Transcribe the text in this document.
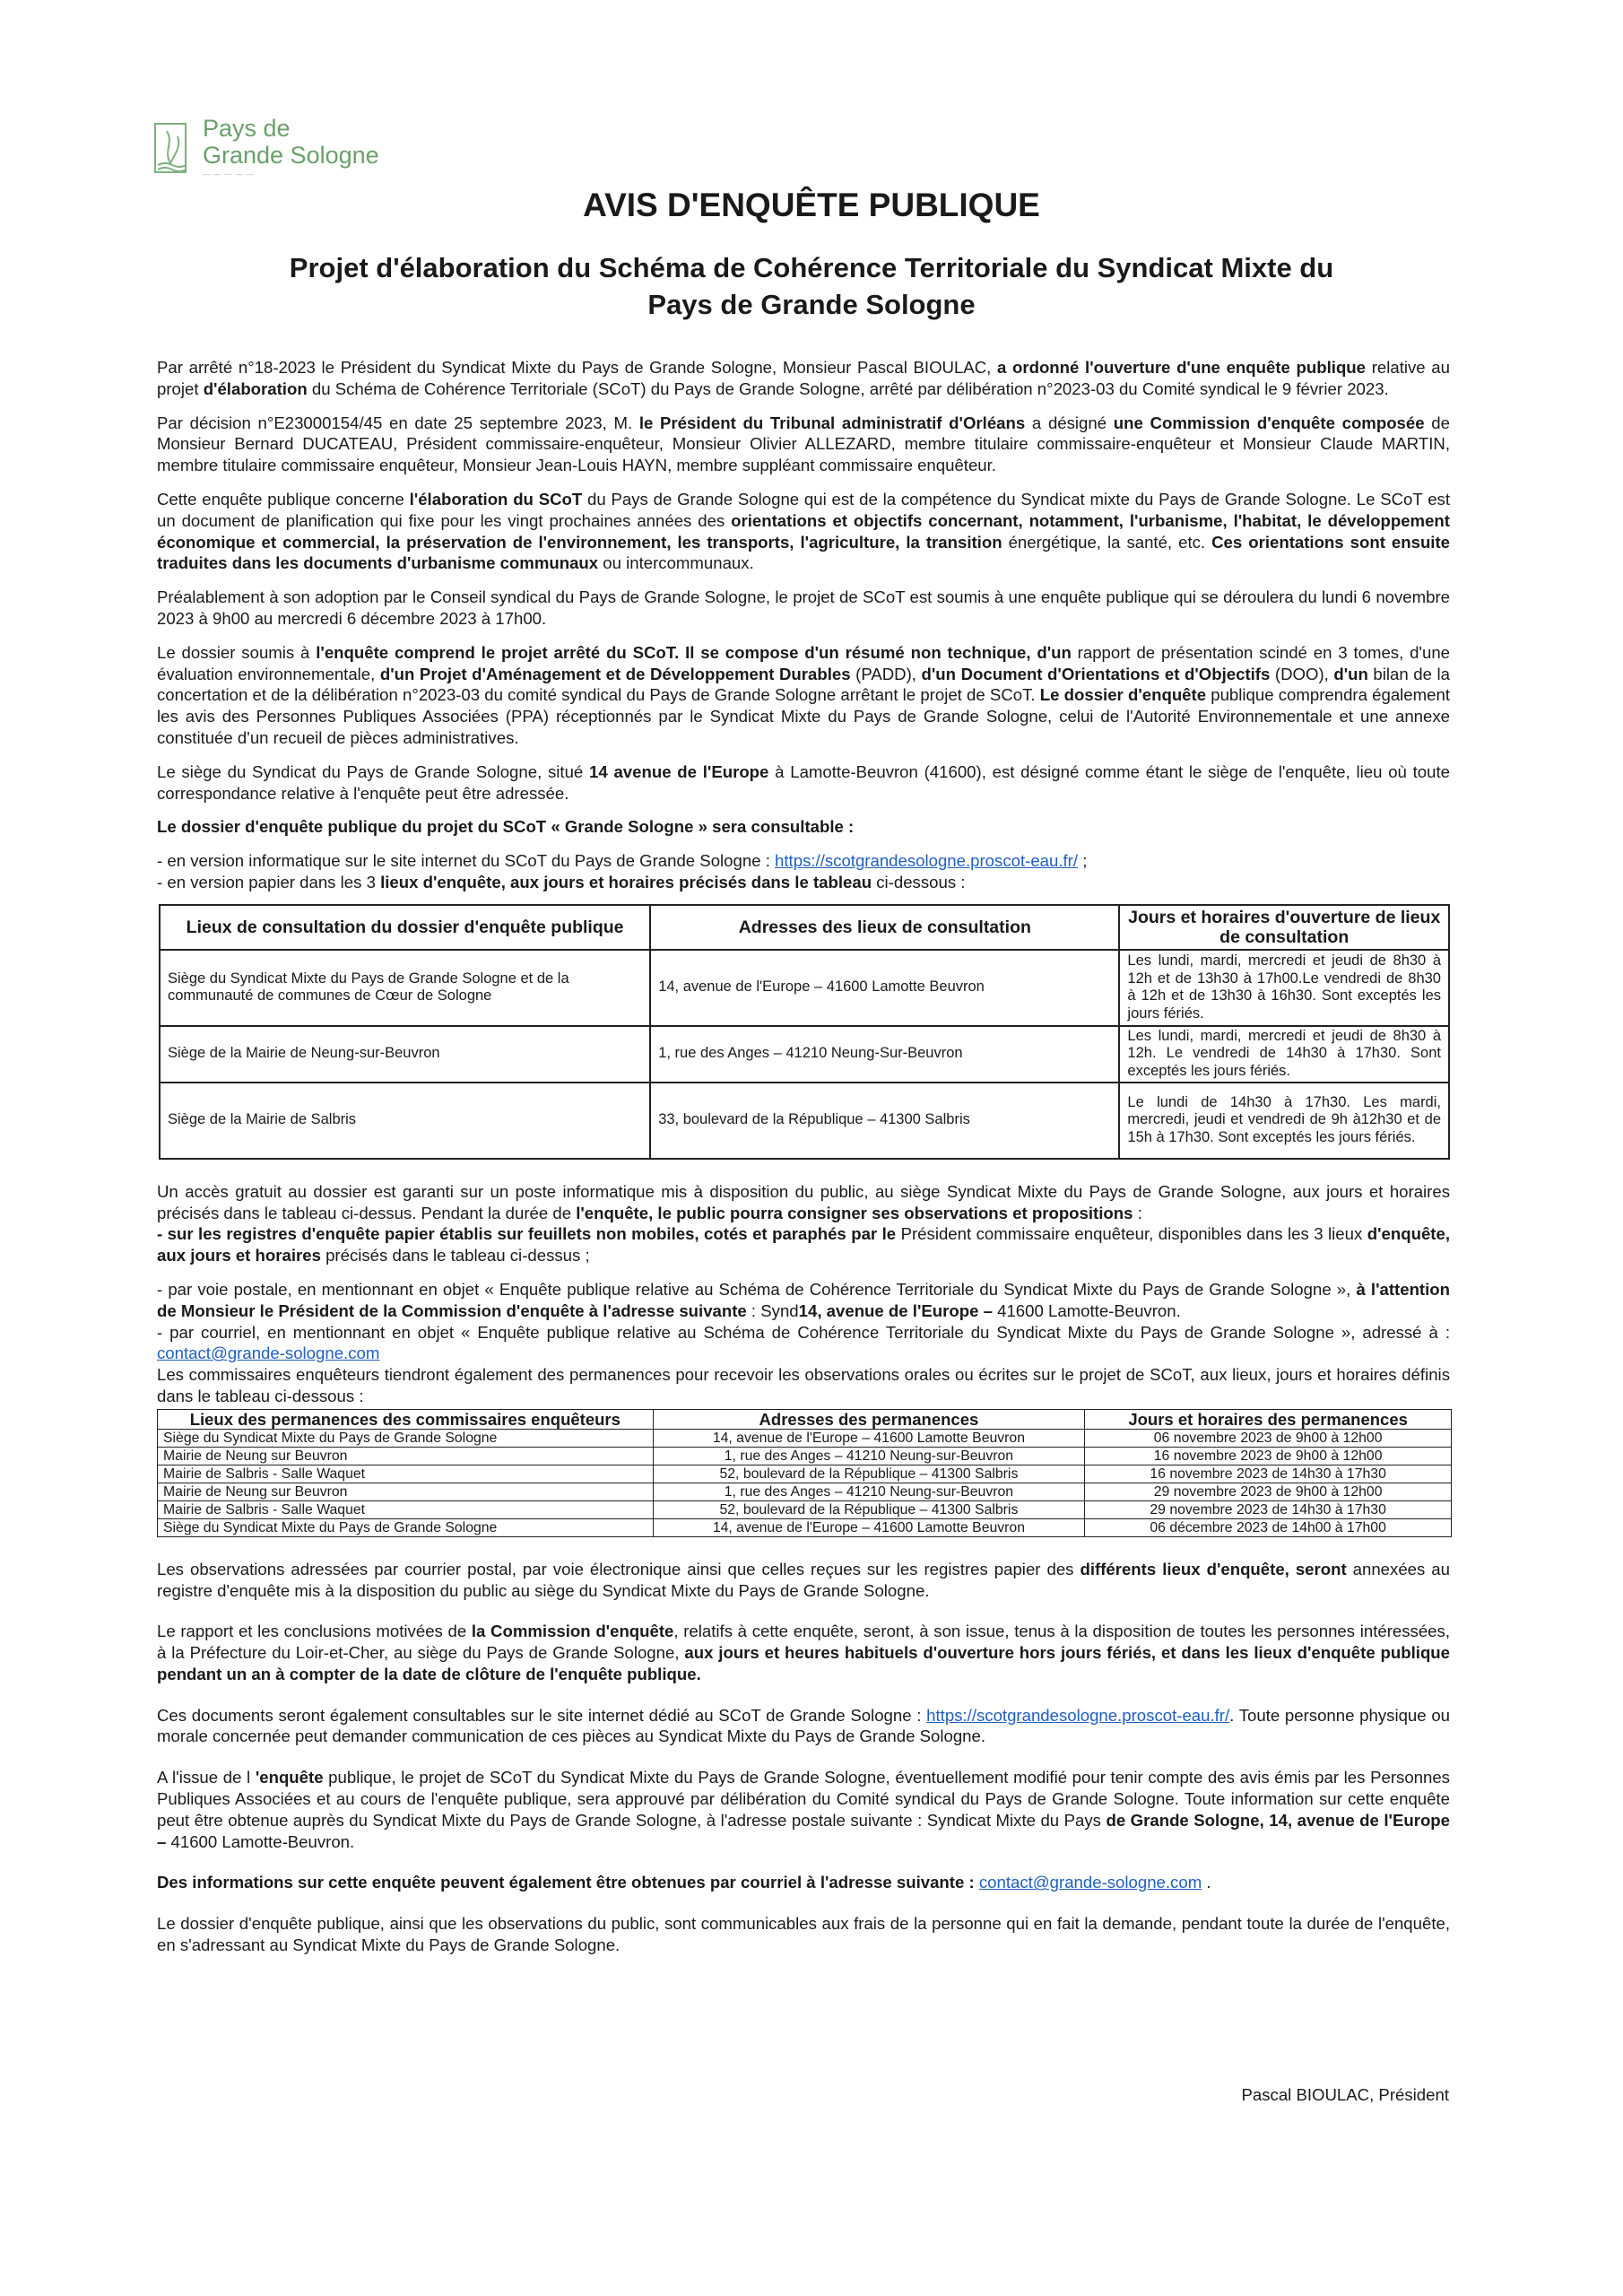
Pays de
Grande Sologne
— — — — —
AVIS D'ENQUÊTE PUBLIQUE
Projet d'élaboration du Schéma de Cohérence Territoriale du Syndicat Mixte du Pays de Grande Sologne

Par arrêté n°18-2023 le Président du Syndicat Mixte du Pays de Grande Sologne, Monsieur Pascal BIOULAC, a ordonné l'ouverture d'une enquête publique relative au projet d'élaboration du Schéma de Cohérence Territoriale (SCoT) du Pays de Grande Sologne, arrêté par délibération n°2023-03 du Comité syndical le 9 février 2023.

Par décision n°E23000154/45 en date 25 septembre 2023, M. le Président du Tribunal administratif d'Orléans a désigné une Commission d'enquête composée de Monsieur Bernard DUCATEAU, Président commissaire-enquêteur, Monsieur Olivier ALLEZARD, membre titulaire commissaire-enquêteur et Monsieur Claude MARTIN, membre titulaire commissaire enquêteur, Monsieur Jean-Louis HAYN, membre suppléant commissaire enquêteur.

Cette enquête publique concerne l'élaboration du SCoT du Pays de Grande Sologne qui est de la compétence du Syndicat mixte du Pays de Grande Sologne. Le SCoT est un document de planification qui fixe pour les vingt prochaines années des orientations et objectifs concernant, notamment, l'urbanisme, l'habitat, le développement économique et commercial, la préservation de l'environnement, les transports, l'agriculture, la transition énergétique, la santé, etc. Ces orientations sont ensuite traduites dans les documents d'urbanisme communaux ou intercommunaux.

Préalablement à son adoption par le Conseil syndical du Pays de Grande Sologne, le projet de SCoT est soumis à une enquête publique qui se déroulera du lundi 6 novembre 2023 à 9h00 au mercredi 6 décembre 2023 à 17h00.

Le dossier soumis à l'enquête comprend le projet arrêté du SCoT. Il se compose d'un résumé non technique, d'un rapport de présentation scindé en 3 tomes, d'une évaluation environnementale, d'un Projet d'Aménagement et de Développement Durables (PADD), d'un Document d'Orientations et d'Objectifs (DOO), d'un bilan de la concertation et de la délibération n°2023-03 du comité syndical du Pays de Grande Sologne arrêtant le projet de SCoT. Le dossier d'enquête publique comprendra également les avis des Personnes Publiques Associées (PPA) réceptionnés par le Syndicat Mixte du Pays de Grande Sologne, celui de l'Autorité Environnementale et une annexe constituée d'un recueil de pièces administratives.

Le siège du Syndicat du Pays de Grande Sologne, situé 14 avenue de l'Europe à Lamotte-Beuvron (41600), est désigné comme étant le siège de l'enquête, lieu où toute correspondance relative à l'enquête peut être adressée.

Le dossier d'enquête publique du projet du SCoT « Grande Sologne » sera consultable :

- en version informatique sur le site internet du SCoT du Pays de Grande Sologne : https://scotgrandesologne.proscot-eau.fr/ ;

- en version papier dans les 3 lieux d'enquête, aux jours et horaires précisés dans le tableau ci-dessous :

Lieux de consultation du dossier d'enquête publique	Adresses des lieux de consultation	Jours et horaires d'ouverture de lieux de consultation
Siège du Syndicat Mixte du Pays de Grande Sologne et de la communauté de communes de Cœur de Sologne	14, avenue de l'Europe – 41600 Lamotte Beuvron	Les lundi, mardi, mercredi et jeudi de 8h30 à 12h et de 13h30 à 17h00.Le vendredi de 8h30 à 12h et de 13h30 à 16h30. Sont exceptés les jours fériés.
Siège de la Mairie de Neung-sur-Beuvron	1, rue des Anges – 41210 Neung-Sur-Beuvron	Les lundi, mardi, mercredi et jeudi de 8h30 à 12h. Le vendredi de 14h30 à 17h30. Sont exceptés les jours fériés.
Siège de la Mairie de Salbris	33, boulevard de la République – 41300 Salbris	Le lundi de 14h30 à 17h30. Les mardi, mercredi, jeudi et vendredi de 9h à12h30 et de 15h à 17h30. Sont exceptés les jours fériés.

Un accès gratuit au dossier est garanti sur un poste informatique mis à disposition du public, au siège Syndicat Mixte du Pays de Grande Sologne, aux jours et horaires précisés dans le tableau ci-dessus. Pendant la durée de l'enquête, le public pourra consigner ses observations et propositions :

- sur les registres d'enquête papier établis sur feuillets non mobiles, cotés et paraphés par le Président commissaire enquêteur, disponibles dans les 3 lieux d'enquête, aux jours et horaires précisés dans le tableau ci-dessus ;

- par voie postale, en mentionnant en objet « Enquête publique relative au Schéma de Cohérence Territoriale du Syndicat Mixte du Pays de Grande Sologne », à l'attention de Monsieur le Président de la Commission d'enquête à l'adresse suivante : Synd14, avenue de l'Europe – 41600 Lamotte-Beuvron.

- par courriel, en mentionnant en objet « Enquête publique relative au Schéma de Cohérence Territoriale du Syndicat Mixte du Pays de Grande Sologne », adressé à : contact@grande-sologne.com

Les commissaires enquêteurs tiendront également des permanences pour recevoir les observations orales ou écrites sur le projet de SCoT, aux lieux, jours et horaires définis dans le tableau ci-dessous :

Lieux des permanences des commissaires enquêteurs	Adresses des permanences	Jours et horaires des permanences
Siège du Syndicat Mixte du Pays de Grande Sologne	14, avenue de l'Europe – 41600 Lamotte Beuvron	06 novembre 2023 de 9h00 à 12h00
Mairie de Neung sur Beuvron	1, rue des Anges – 41210 Neung-sur-Beuvron	16 novembre 2023 de 9h00 à 12h00
Mairie de Salbris - Salle Waquet	52, boulevard de la République – 41300 Salbris	16 novembre 2023 de 14h30 à 17h30
Mairie de Neung sur Beuvron	1, rue des Anges – 41210 Neung-sur-Beuvron	29 novembre 2023 de 9h00 à 12h00
Mairie de Salbris - Salle Waquet	52, boulevard de la République – 41300 Salbris	29 novembre 2023 de 14h30 à 17h30
Siège du Syndicat Mixte du Pays de Grande Sologne	14, avenue de l'Europe – 41600 Lamotte Beuvron	06 décembre 2023 de 14h00 à 17h00

Les observations adressées par courrier postal, par voie électronique ainsi que celles reçues sur les registres papier des différents lieux d'enquête, seront annexées au registre d'enquête mis à la disposition du public au siège du Syndicat Mixte du Pays de Grande Sologne.

Le rapport et les conclusions motivées de la Commission d'enquête, relatifs à cette enquête, seront, à son issue, tenus à la disposition de toutes les personnes intéressées, à la Préfecture du Loir-et-Cher, au siège du Pays de Grande Sologne, aux jours et heures habituels d'ouverture hors jours fériés, et dans les lieux d'enquête publique pendant un an à compter de la date de clôture de l'enquête publique.

Ces documents seront également consultables sur le site internet dédié au SCoT de Grande Sologne : https://scotgrandesologne.proscot-eau.fr/. Toute personne physique ou morale concernée peut demander communication de ces pièces au Syndicat Mixte du Pays de Grande Sologne.

A l'issue de l 'enquête publique, le projet de SCoT du Syndicat Mixte du Pays de Grande Sologne, éventuellement modifié pour tenir compte des avis émis par les Personnes Publiques Associées et au cours de l'enquête publique, sera approuvé par délibération du Comité syndical du Pays de Grande Sologne. Toute information sur cette enquête peut être obtenue auprès du Syndicat Mixte du Pays de Grande Sologne, à l'adresse postale suivante : Syndicat Mixte du Pays de Grande Sologne, 14, avenue de l'Europe – 41600 Lamotte-Beuvron.

Des informations sur cette enquête peuvent également être obtenues par courriel à l'adresse suivante : contact@grande-sologne.com .

Le dossier d'enquête publique, ainsi que les observations du public, sont communicables aux frais de la personne qui en fait la demande, pendant toute la durée de l'enquête, en s'adressant au Syndicat Mixte du Pays de Grande Sologne.

Pascal BIOULAC, Président
